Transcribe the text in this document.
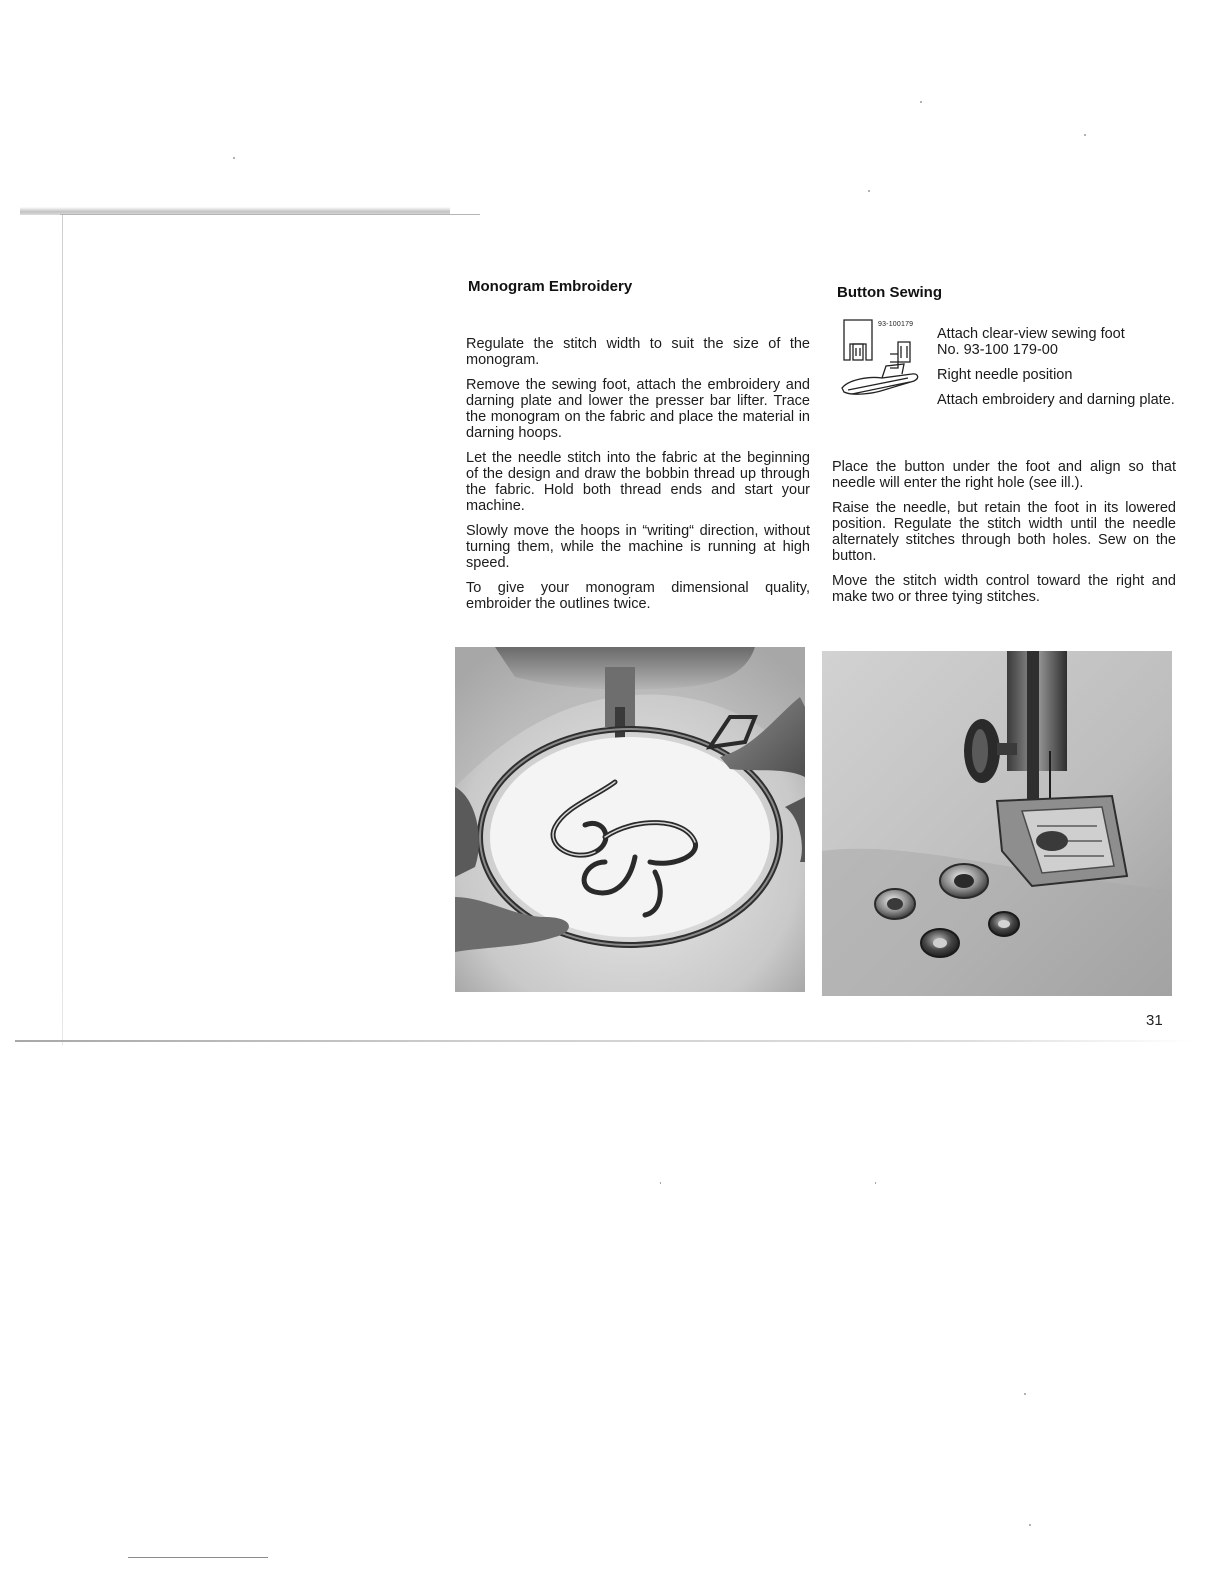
Monogram Embroidery

Regulate the stitch width to suit the size of the monogram.

Remove the sewing foot, attach the embroidery and darning plate and lower the presser bar lifter. Trace the monogram on the fabric and place the material in darning hoops.

Let the needle stitch into the fabric at the beginning of the design and draw the bobbin thread up through the fabric. Hold both thread ends and start your machine.

Slowly move the hoops in “writing“ direction, without turning them, while the machine is running at high speed.

To give your monogram dimensional quality, embroider the outlines twice.

Button Sewing
93-100179

Attach clear-view sewing foot

No. 93-100 179-00

Right needle position

Attach embroidery and darning plate.

Place the button under the foot and align so that needle will enter the right hole (see ill.).

Raise the needle, but retain the foot in its lowered position. Regulate the stitch width until the needle alternately stitches through both holes. Sew on the button.

Move the stitch width control toward the right and make two or three tying stitches.

31
